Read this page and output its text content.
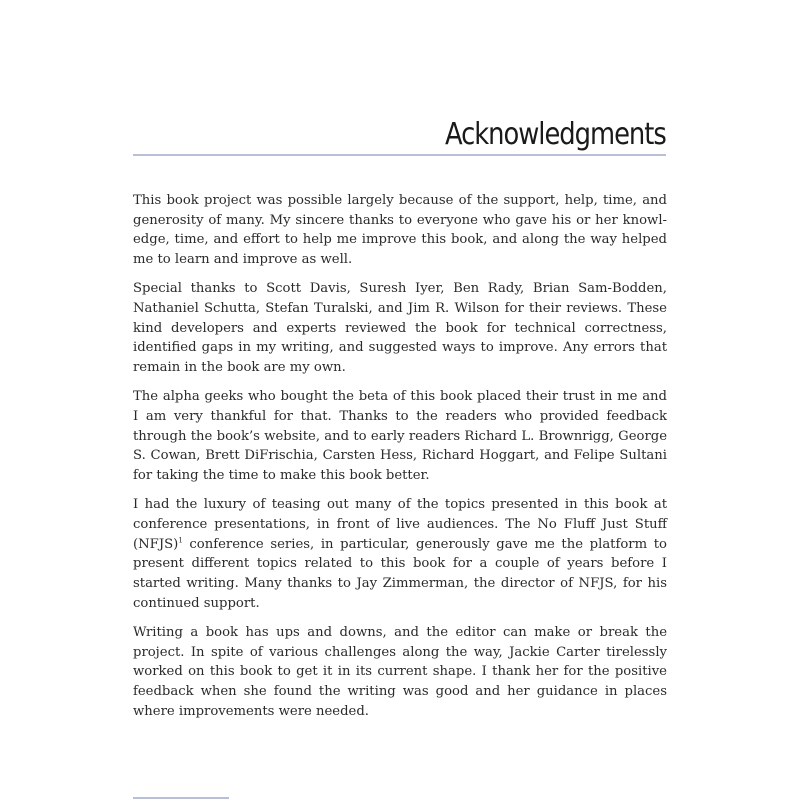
Acknowledgments

This book project was possible largely because of the support, help, time, and generosity of many. My sincere thanks to everyone who gave his or her knowledge, time, and effort to help me improve this book, and along the way helped me to learn and improve as well.

Special thanks to Scott Davis, Suresh Iyer, Ben Rady, Brian Sam-Bodden, Nathaniel Schutta, Stefan Turalski, and Jim R. Wilson for their reviews. These kind developers and experts reviewed the book for technical correctness, identified gaps in my writing, and suggested ways to improve. Any errors that remain in the book are my own.

The alpha geeks who bought the beta of this book placed their trust in me and I am very thankful for that. Thanks to the readers who provided feedback through the book’s website, and to early readers Richard L. Brownrigg, George S. Cowan, Brett DiFrischia, Carsten Hess, Richard Hoggart, and Felipe Sultani for taking the time to make this book better.

I had the luxury of teasing out many of the topics presented in this book at conference presentations, in front of live audiences. The No Fluff Just Stuff (NFJS)$^1$ conference series, in particular, generously gave me the platform to present different topics related to this book for a couple of years before I started writing. Many thanks to Jay Zimmerman, the director of NFJS, for his continued support.

Writing a book has ups and downs, and the editor can make or break the project. In spite of various challenges along the way, Jackie Carter tirelessly worked on this book to get it in its current shape. I thank her for the positive feedback when she found the writing was good and her guidance in places where improvements were needed.
